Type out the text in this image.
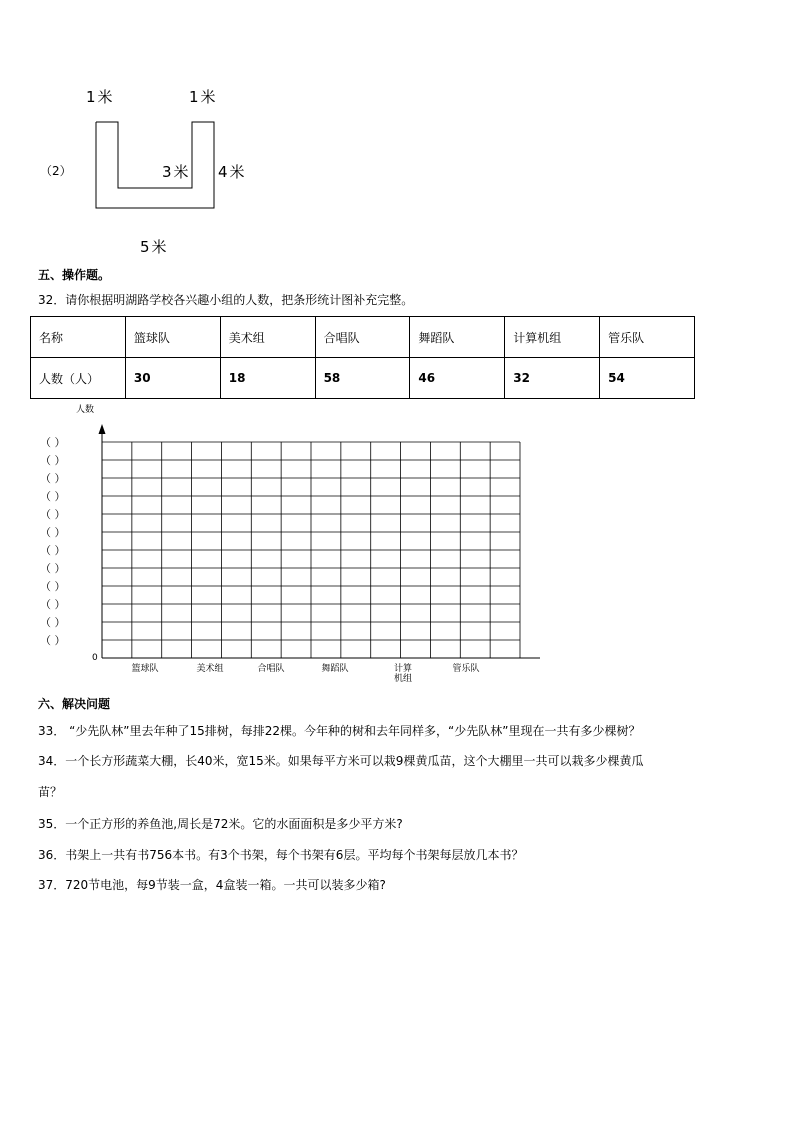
1米	1米
（2）	3米 4米
5米
五、操作题。
32．请你根据明湖路学校各兴趣小组的人数，把条形统计图补充完整。
名称	篮球队	美术组	合唱队	舞蹈队	计算机组	管乐队
人数（人）	30	18	58	46	32	54
人数
0
（ ）
（ ）
（ ）
（ ）
（ ）
（ ）
（ ）
（ ）
（ ）
（ ）
（ ）
（ ）
篮球队	美术组	合唱队	舞蹈队	计算
机组
管乐队
六、解决问题
33． “少先队林”里去年种了15排树，每排22棵。今年种的树和去年同样多，“少先队林”里现在一共有多少棵树？
34．一个长方形蔬菜大棚，长40米，宽15米。如果每平方米可以栽9棵黄瓜苗，这个大棚里一共可以栽多少棵黄瓜
苗？
35．一个正方形的养鱼池,周长是72米。它的水面面积是多少平方米?
36．书架上一共有书756本书。有3个书架，每个书架有6层。平均每个书架每层放几本书？
37．720节电池，每9节装一盒，4盒装一箱。一共可以装多少箱?
